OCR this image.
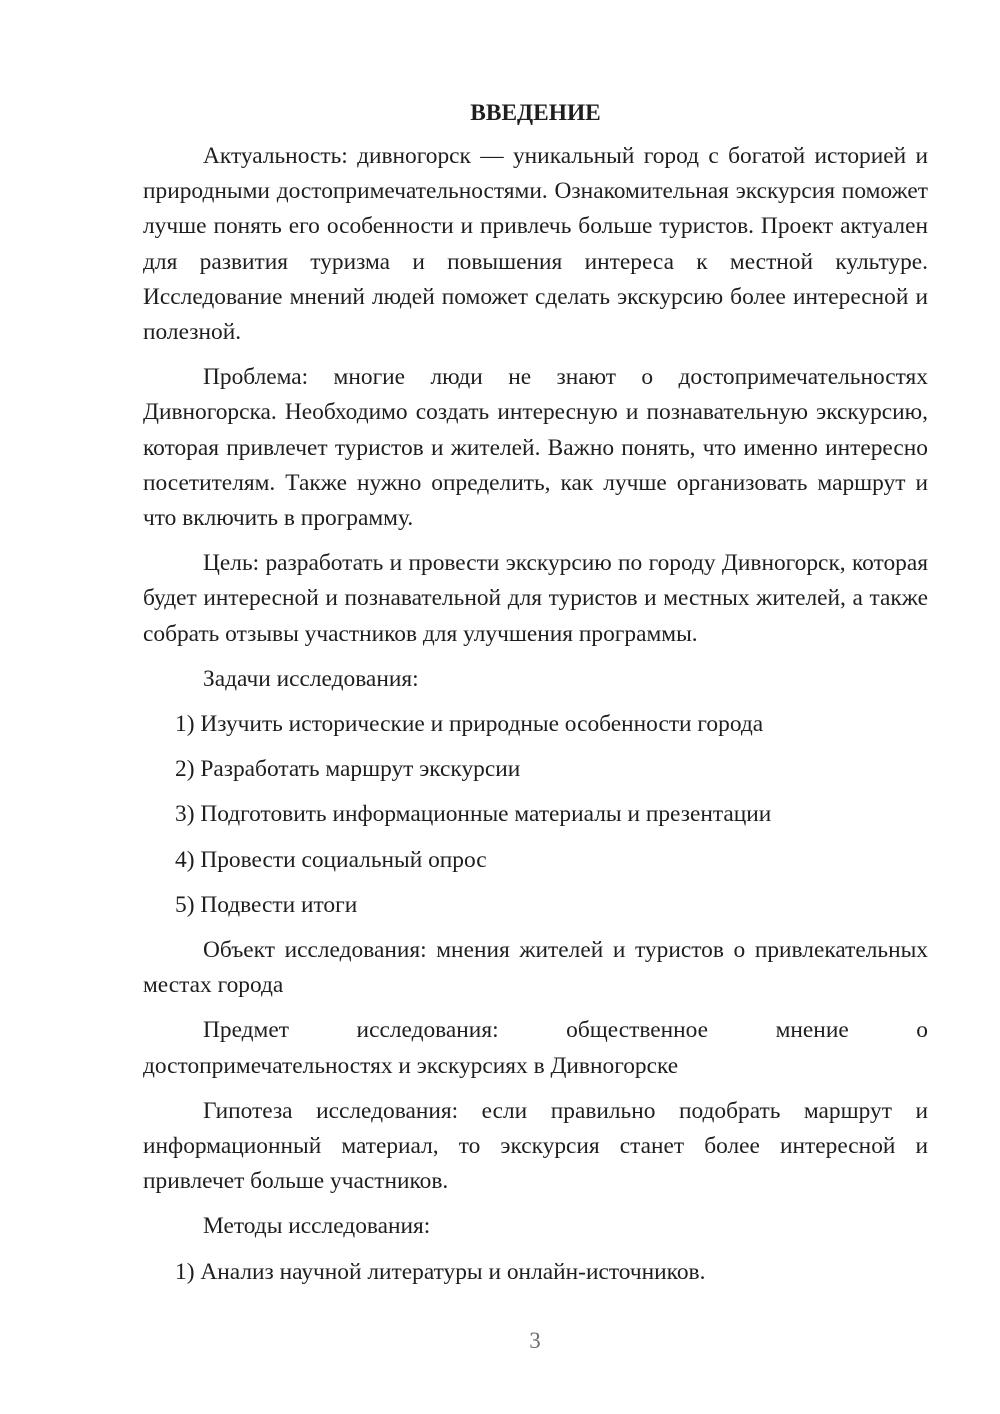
ВВЕДЕНИЕ
Актуальность: дивногорск — уникальный город с богатой историей и природными достопримечательностями. Ознакомительная экскурсия поможет лучше понять его особенности и привлечь больше туристов. Проект актуален для развития туризма и повышения интереса к местной культуре. Исследование мнений людей поможет сделать экскурсию более интересной и полезной.
Проблема: многие люди не знают о достопримечательностях Дивногорска. Необходимо создать интересную и познавательную экскурсию, которая привлечет туристов и жителей. Важно понять, что именно интересно посетителям. Также нужно определить, как лучше организовать маршрут и что включить в программу.
Цель: разработать и провести экскурсию по городу Дивногорск, которая будет интересной и познавательной для туристов и местных жителей, а также собрать отзывы участников для улучшения программы.
Задачи исследования:
1) Изучить исторические и природные особенности города
2) Разработать маршрут экскурсии
3) Подготовить информационные материалы и презентации
4) Провести социальный опрос
5) Подвести итоги
Объект исследования: мнения жителей и туристов о привлекательных местах города
Предмет исследования: общественное мнение о достопримечательностях и экскурсиях в Дивногорске
Гипотеза исследования: если правильно подобрать маршрут и информационный материал, то экскурсия станет более интересной и привлечет больше участников.
Методы исследования:
1) Анализ научной литературы и онлайн-источников.
3
